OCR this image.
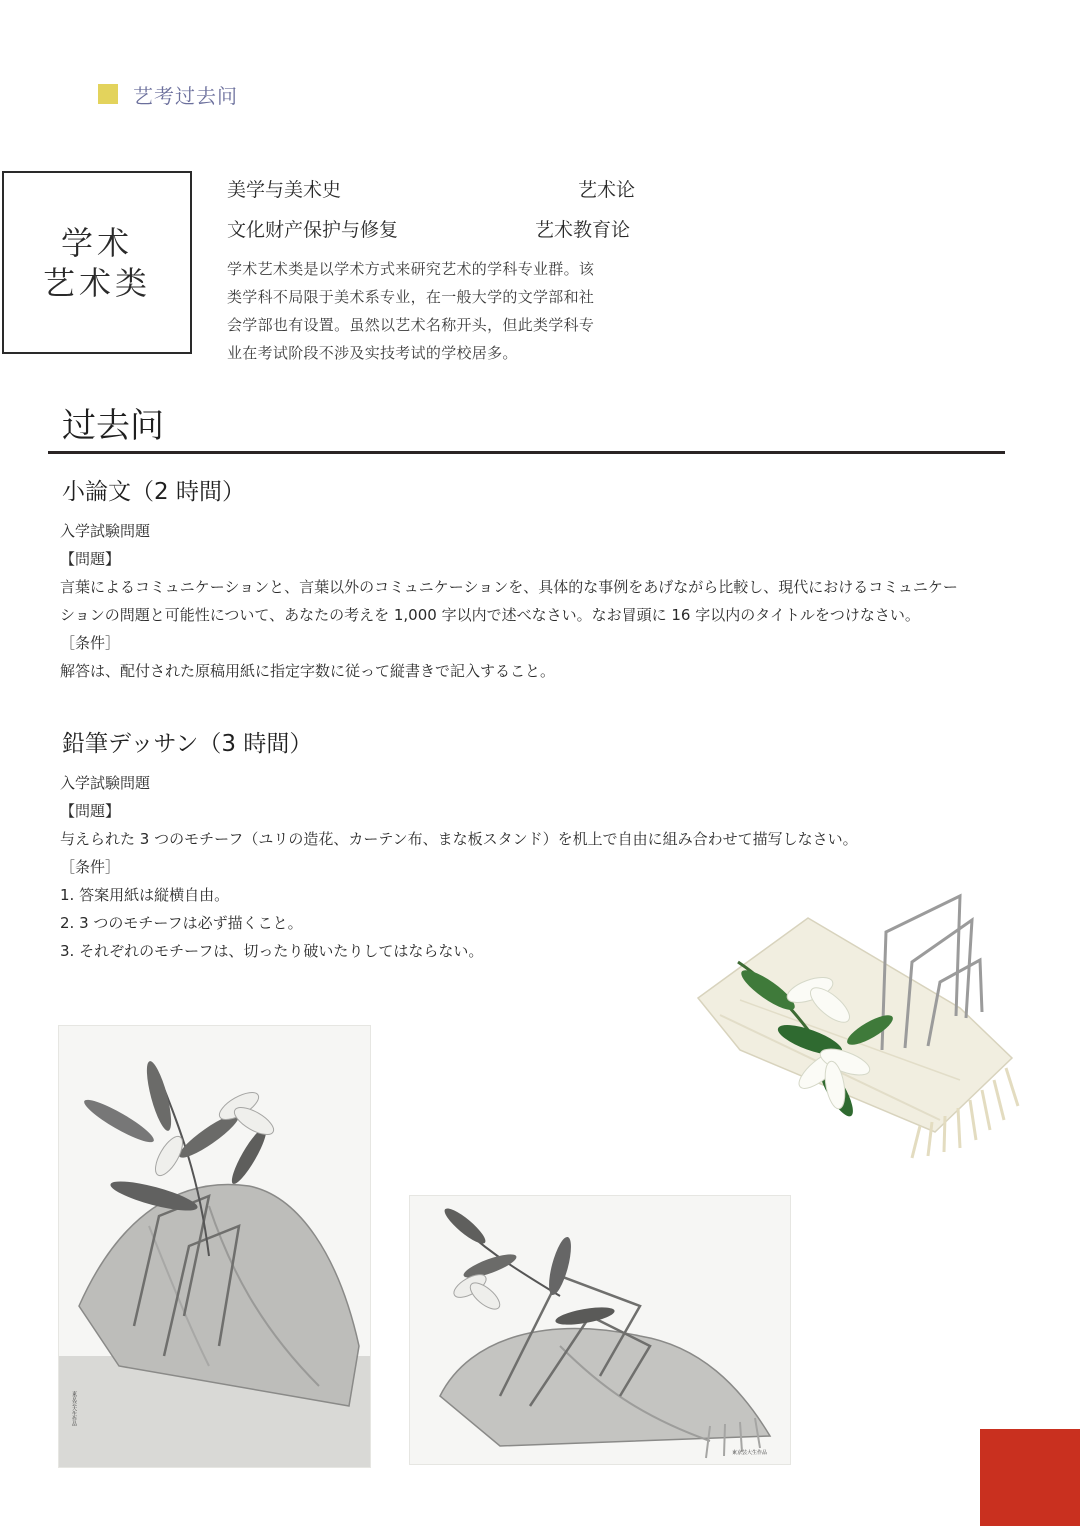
艺考过去问
学术
艺术类
美学与美术史	艺术论
文化财产保护与修复	艺术教育论
学术艺术类是以学术方式来研究艺术的学科专业群。该
类学科不局限于美术系专业，在一般大学的文学部和社
会学部也有设置。虽然以艺术名称开头，但此类学科专
业在考试阶段不涉及实技考试的学校居多。
过去问
小論文（2 時間）
入学試験問題
【問題】
言葉によるコミュニケーションと、言葉以外のコミュニケーションを、具体的な事例をあげながら比較し、現代におけるコミュニケー
ションの問題と可能性について、あなたの考えを 1,000 字以内で述べなさい。なお冒頭に 16 字以内のタイトルをつけなさい。
［条件］
解答は、配付された原稿用紙に指定字数に従って縦書きで記入すること。
鉛筆デッサン（3 時間）
入学試験問題
【問題】
与えられた 3 つのモチーフ（ユリの造花、カーテン布、まな板スタンド）を机上で自由に組み合わせて描写しなさい。
［条件］
1. 答案用紙は縦横自由。
2. 3 つのモチーフは必ず描くこと。
3. それぞれのモチーフは、切ったり破いたりしてはならない。
東京芸大生作品
東京芸大生作品
